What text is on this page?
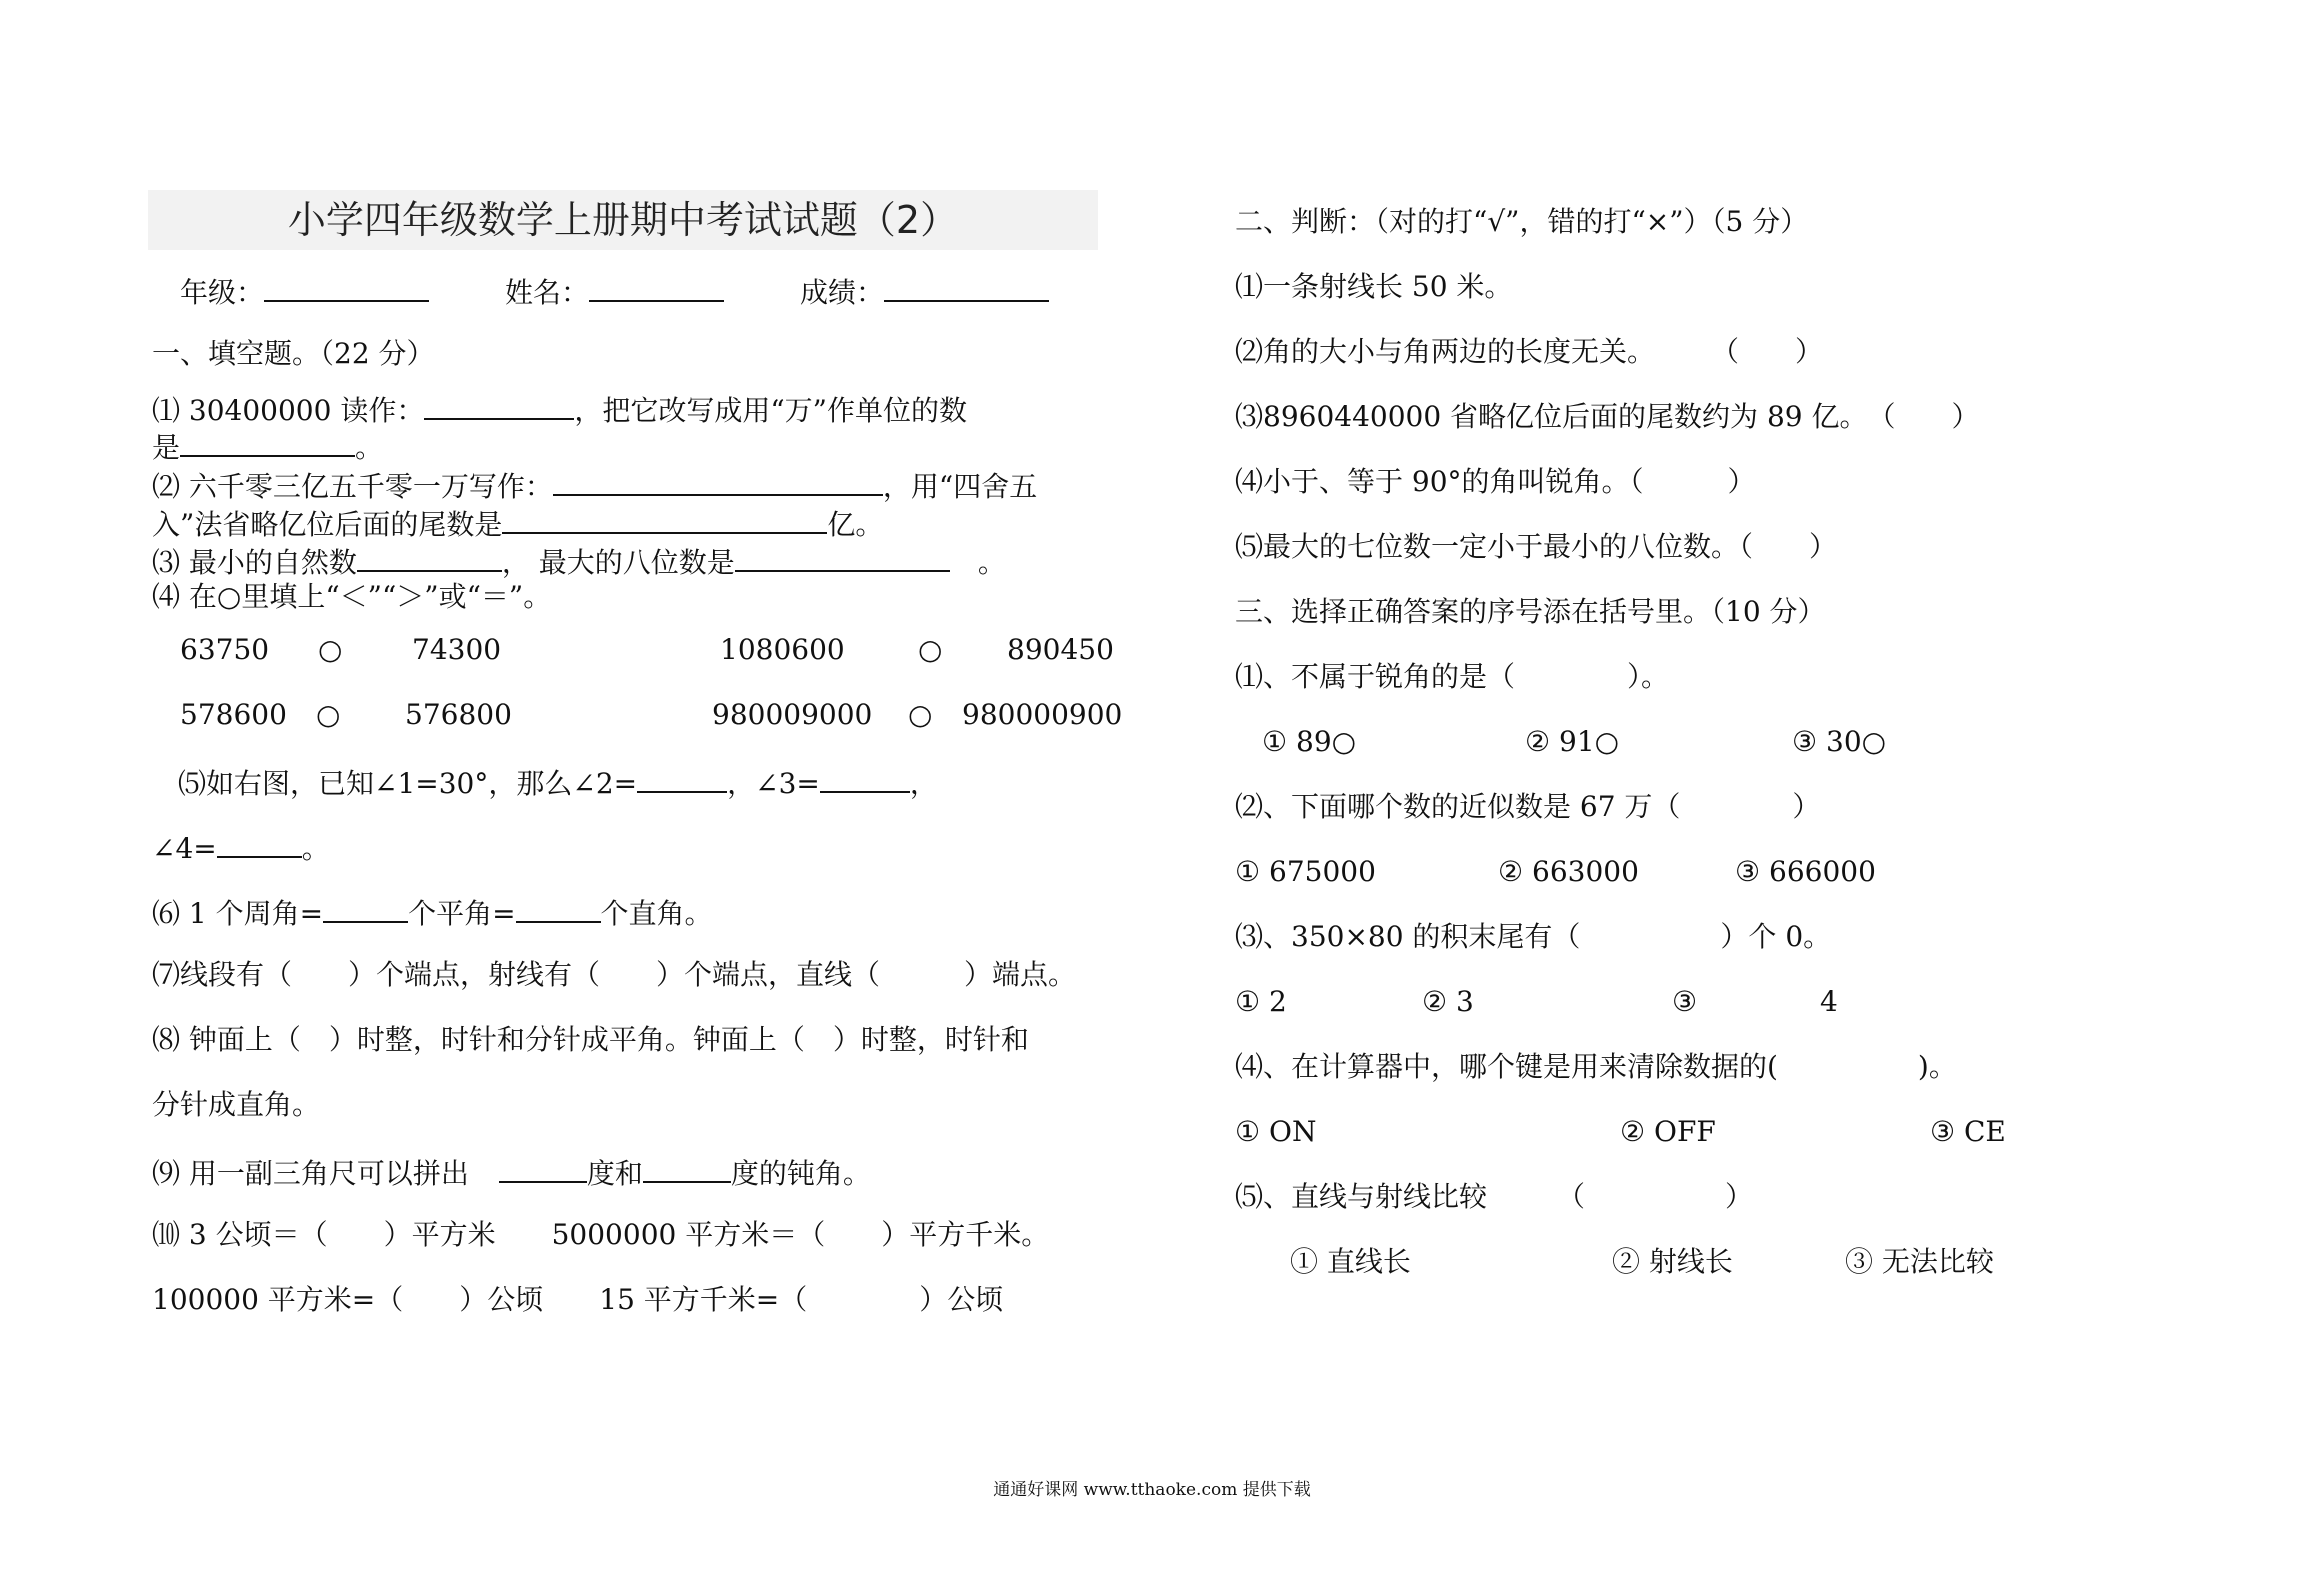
小学四年级数学上册期中考试试题（2）
年级：	姓名：	成绩：
一、填空题。（22 分）
⑴ 30400000 读作：	，把它改写成用“万”作单位的数
是	。
⑵ 六千零三亿五千零一万写作：	，用“四舍五
入”法省略亿位后面的尾数是	亿。
⑶ 最小的自然数	， 最大的八位数是	。
⑷ 在○里填上“＜”“＞”或“＝”。
63750 ○ 74300	1080600	○ 890450
578600 ○ 576800	980009000 ○ 980000900
⑸如右图，已知∠1=30°，那么∠2=	，∠3=	，
∠4=	。
⑹ 1 个周角=	个平角=	个直角。
⑺线段有（　　）个端点，射线有（　　）个端点，直线（　　　）端点。
⑻ 钟面上（　）时整，时针和分针成平角。钟面上（　）时整，时针和
分针成直角。
⑼ 用一副三角尺可以拼出	度和	度的钝角。
⑽ 3 公顷＝（　　）平方米　　5000000 平方米＝（　　）平方千米。
100000 平方米=（　　）公顷　　15 平方千米=（　　　　）公顷
二、判断：（对的打“√”，错的打“×”）（5 分）
⑴一条射线长 50 米。
⑵角的大小与角两边的长度无关。　　　（　　）
⑶8960440000 省略亿位后面的尾数约为 89 亿。　（　　）
⑷小于、等于 90°的角叫锐角。（　　　）
⑸最大的七位数一定小于最小的八位数。（　　）
三、选择正确答案的序号添在括号里。（10 分）
⑴、不属于锐角的是（　　　　）。
① 89○	② 91○	③ 30○
⑵、下面哪个数的近似数是 67 万（　　　　）
① 675000	② 663000	③ 666000
⑶、350×80 的积末尾有（　　　　　）个 0。
① 2	② 3	③	4
⑷、在计算器中，哪个键是用来清除数据的(　　　　　)。
① ON	② OFF	③ CE
⑸、直线与射线比较　　　（　　　　　）
① 直线长	② 射线长	③ 无法比较
通通好课网 www.tthaoke.com 提供下载
